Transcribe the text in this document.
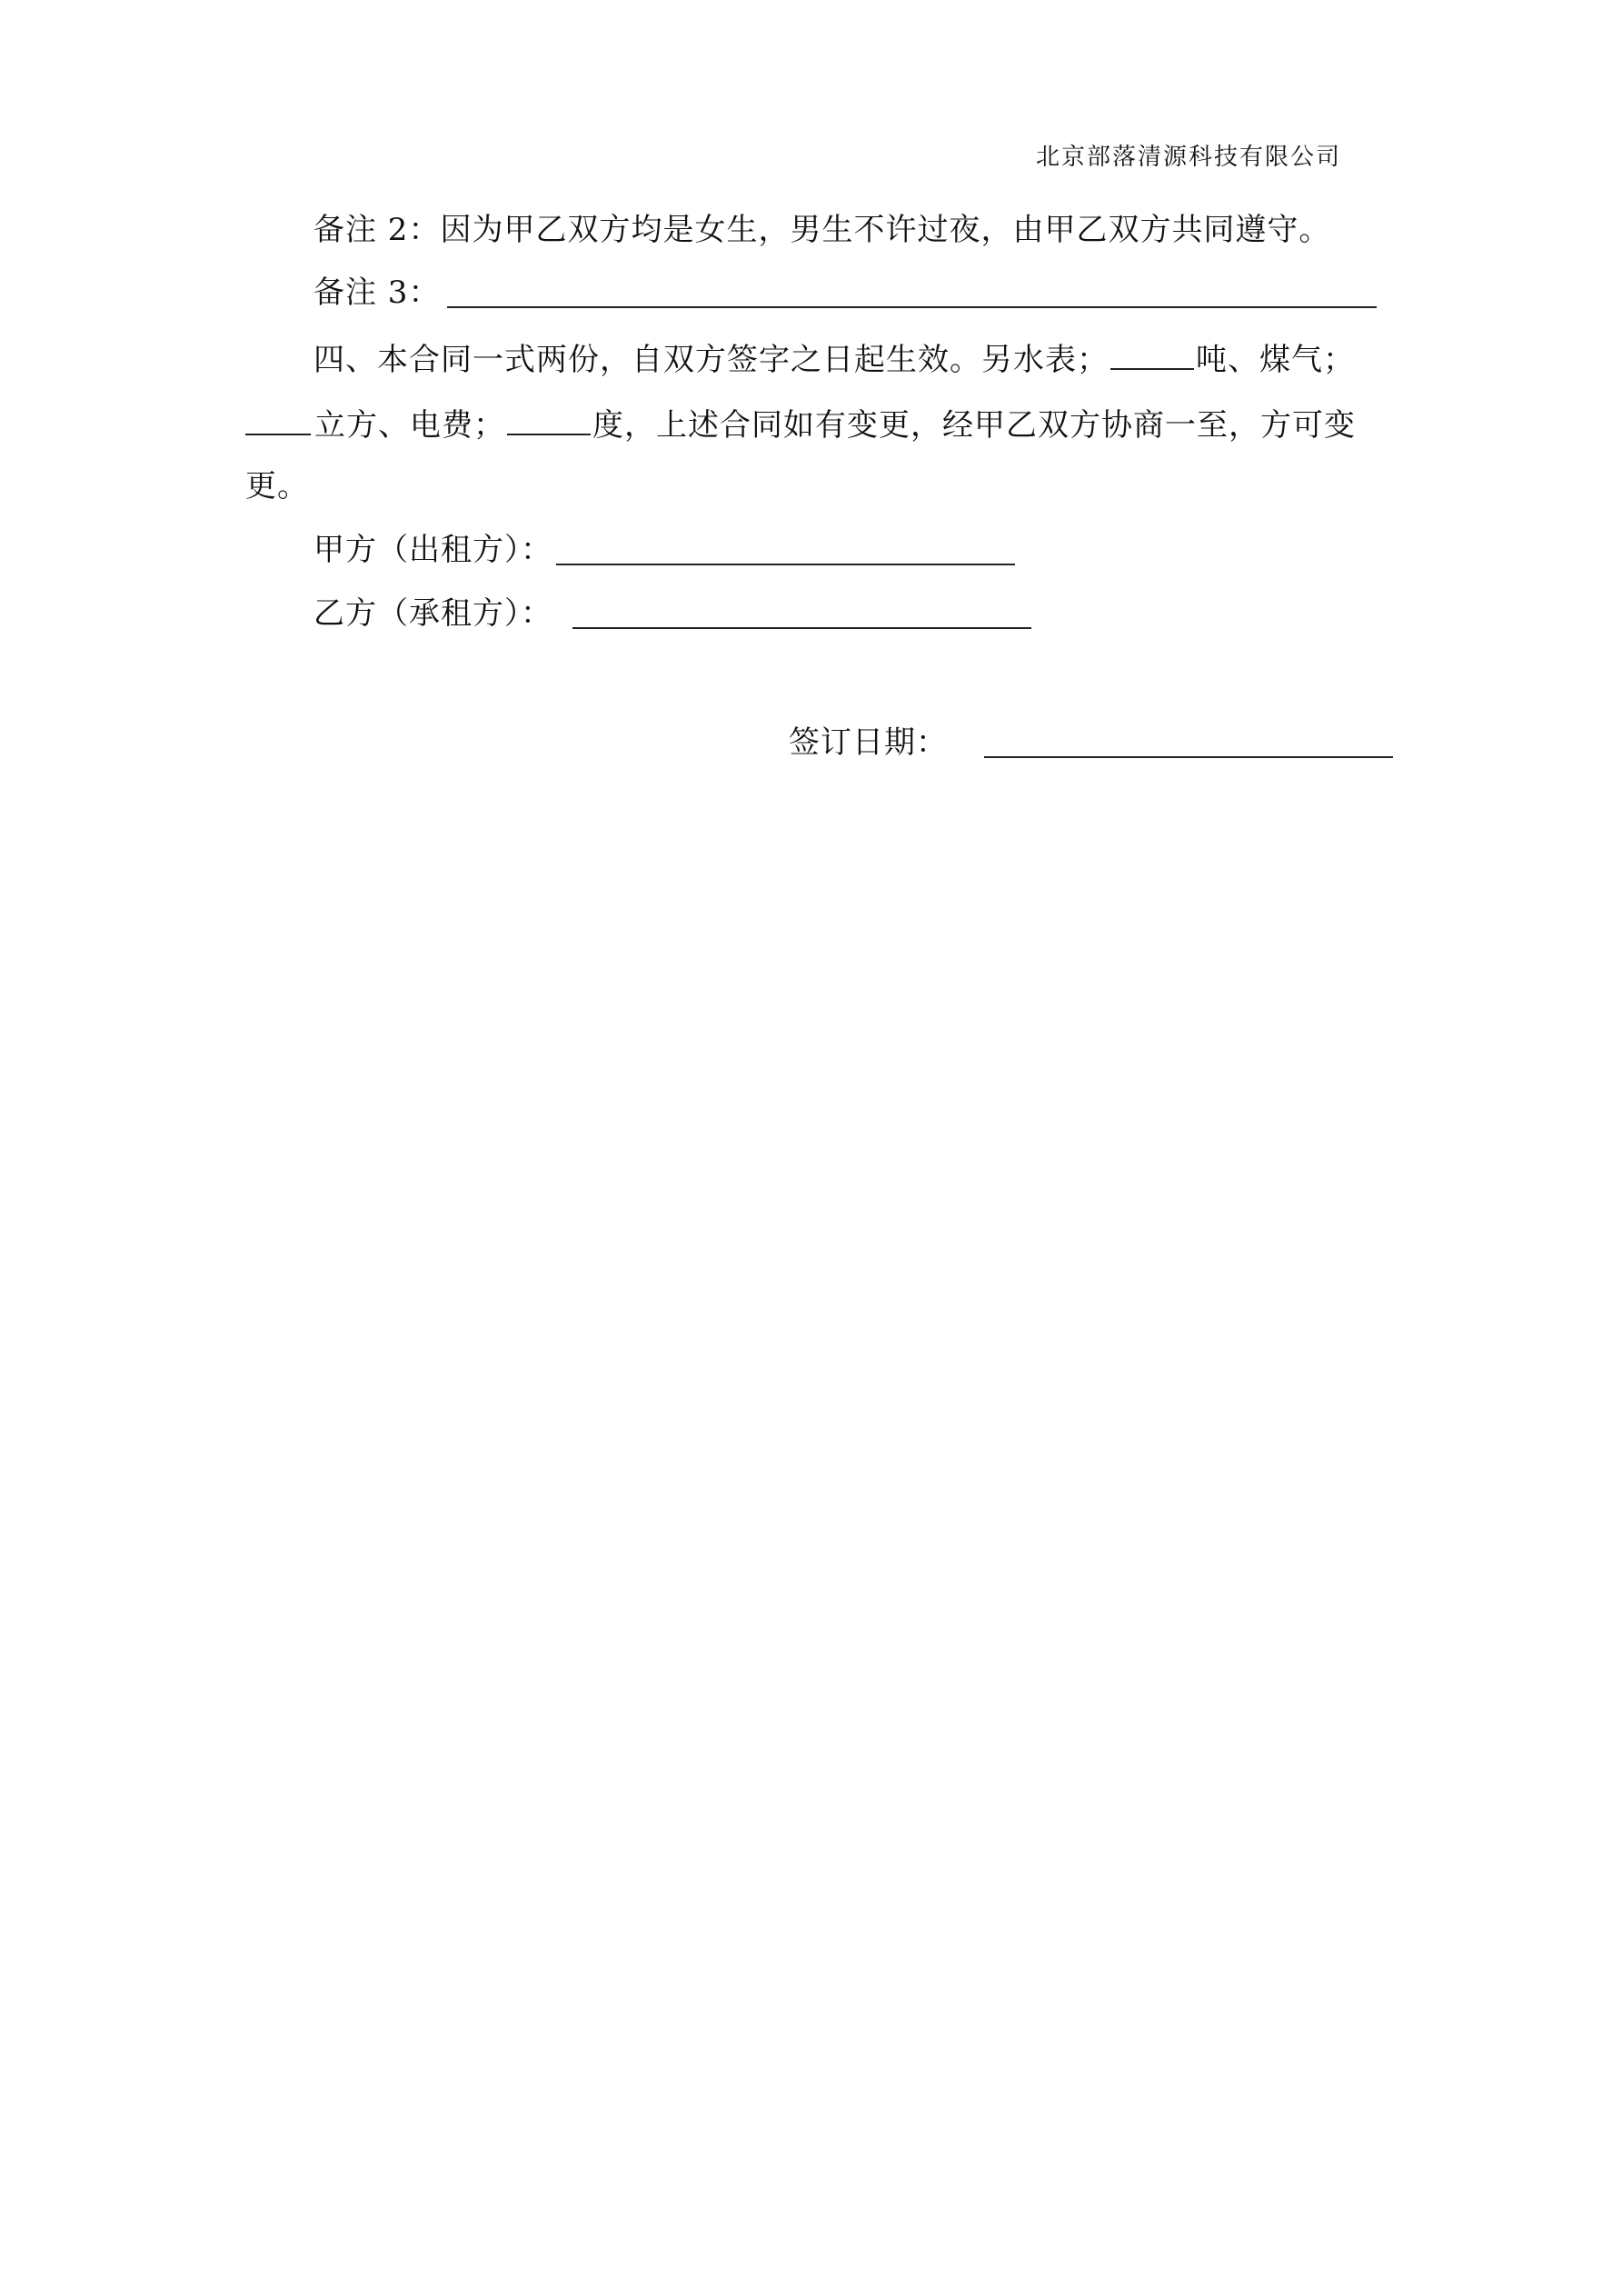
北京部落清源科技有限公司
备注 2：因为甲乙双方均是女生，男生不许过夜，由甲乙双方共同遵守。
备注 3：
四、本合同一式两份，自双方签字之日起生效。另水表；	吨、煤气；
立方、电费；	度，上述合同如有变更，经甲乙双方协商一至，方可变
更。
甲方（出租方）：
乙方（承租方）：
签订日期：
